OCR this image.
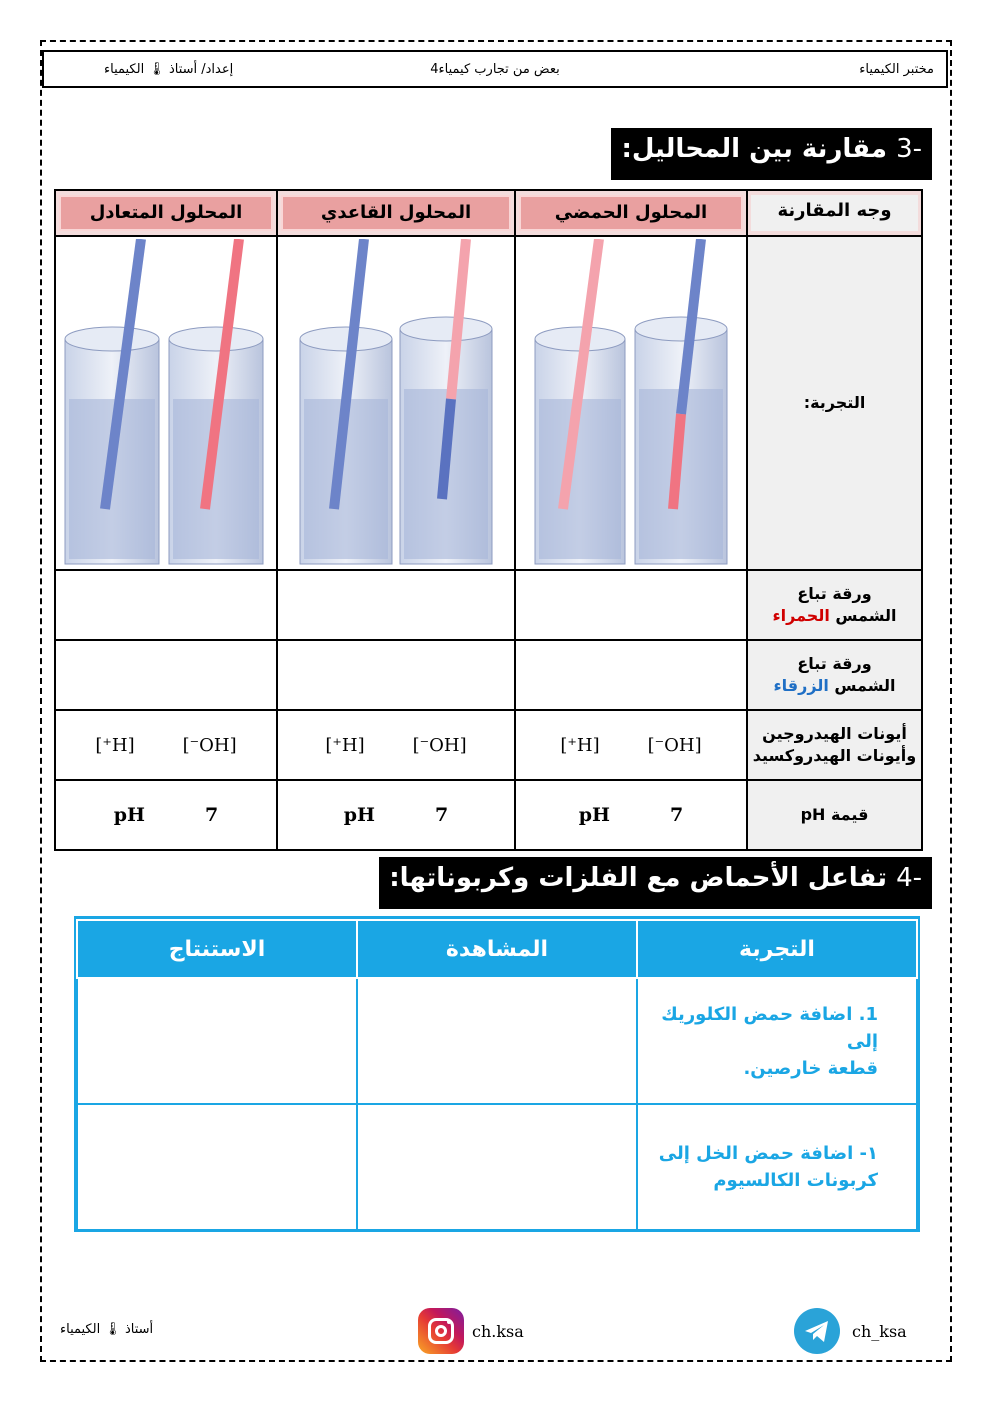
مختبر الكيمياء
بعض من تجارب كيمياء4
إعداد/ أستاذ 🌡 الكيمياء
-3 مقارنة بين المحاليل:
وجه المقارنة	المحلول الحمضي	المحلول القاعدي	المحلول المتعادل

التجربة:	

ورقة تباع
الشمس الحمراء			

ورقة تباع
الشمس الزرقاء			

أيونات الهيدروجين
وأيونات الهيدروكسيد	[OH⁻][H⁺]	[OH⁻][H⁺]	[OH⁻][H⁺]
قيمة pH	7pH	7pH	7pH
-4 تفاعل الأحماض مع الفلزات وكربوناتها:
التجربة	المشاهدة	الاستنتاج

1. اضافة حمض الكلوريك إلى
قطعة خارصين.		

١- اضافة حمض الخل إلى
كربونات الكالسيوم		

أستاذ 🌡 الكيمياء	ch.ksa	ch_ksa
